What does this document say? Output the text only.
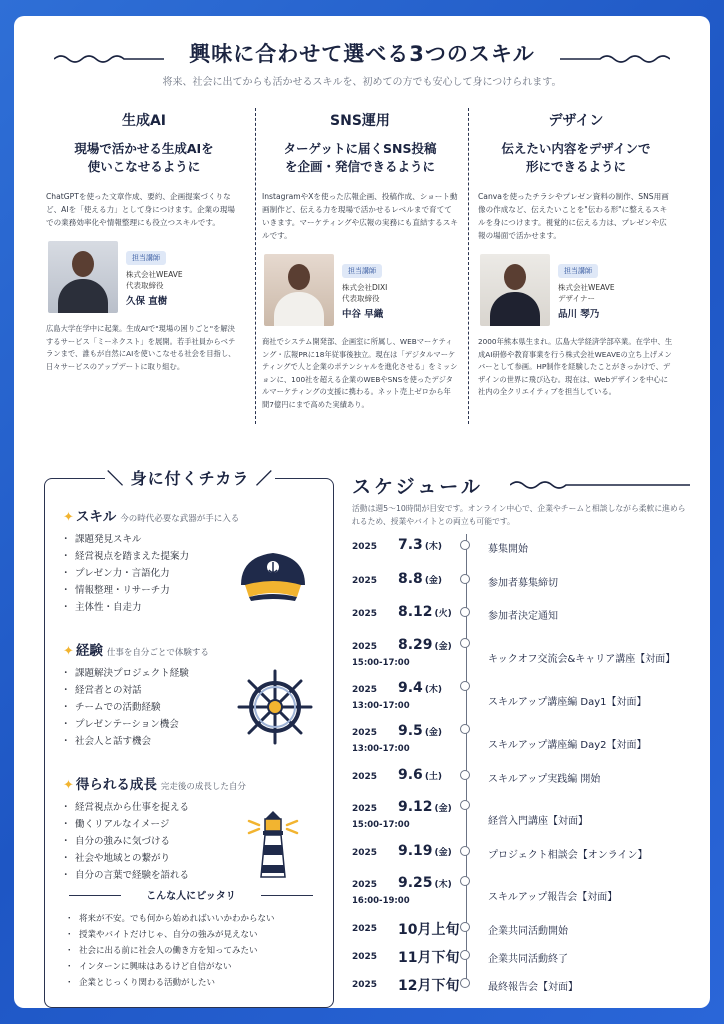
興味に合わせて選べる3つのスキル
将来、社会に出てからも活かせるスキルを、初めての方でも安心して身につけられます。
生成AI
現場で活かせる生成AIを
使いこなせるように
ChatGPTを使った文章作成、要約、企画提案づくりなど、AIを「使える力」として身につけます。企業の現場での業務効率化や情報整理にも役立つスキルです。
担当講師
株式会社WEAVE
代表取締役
久保 直樹
広島大学在学中に起業。生成AIで"現場の困りごと"を解決するサービス「ミーネクスト」を展開。若手社員からベテランまで、誰もが自然にAIを使いこなせる社会を目指し、日々サービスのアップデートに取り組む。
SNS運用
ターゲットに届くSNS投稿
を企画・発信できるように
InstagramやXを使った広報企画、投稿作成、ショート動画制作ど、伝える力を現場で活かせるレベルまで育てていきます。マーケティングや広報の実務にも直結するスキルです。
担当講師
株式会社DIXI
代表取締役
中谷 早織
商社でシステム開発部、企画室に所属し、WEBマーケティング・広報PRに18年従事後独立。現在は「デジタルマーケティングで人と企業のポテンシャルを進化させる」をミッションに、100社を超える企業のWEBやSNSを使ったデジタルマーケティングの支援に携わる。ネット売上ゼロから年間7億円にまで高めた実績あり。
デザイン
伝えたい内容をデザインで
形にできるように
Canvaを使ったチラシやプレゼン資料の制作、SNS用画像の作成など、伝えたいことを"伝わる形"に整えるスキルを身につけます。視覚的に伝える力は、プレゼンや広報の場面で活かせます。
担当講師
株式会社WEAVE
デザイナー
品川 琴乃
2000年熊本県生まれ。広島大学経済学部卒業。在学中、生成AI研修や教育事業を行う株式会社WEAVEの立ち上げメンバーとして参画。HP制作を経験したことがきっかけで、デザインの世界に飛び込む。現在は、Webデザインを中心に社内の全クリエイティブを担当している。
＼ 身に付くチカラ ／
✦ スキル 今の時代必要な武器が手に入る
・ 課題発見スキル
・ 経営視点を踏まえた提案力
・ プレゼン力・言語化力
・ 情報整理・リサーチ力
・ 主体性・自走力
✦ 経験 仕事を自分ごとで体験する
・ 課題解決プロジェクト経験
・ 経営者との対話
・ チームでの活動経験
・ プレゼンテーション機会
・ 社会人と話す機会
✦ 得られる成長 完走後の成長した自分
・ 経営視点から仕事を捉える
・ 働くリアルなイメージ
・ 自分の強みに気づける
・ 社会や地域との繋がり
・ 自分の言葉で経験を語れる
こんな人にピッタリ
・ 将来が不安。でも何から始めればいいかわからない
・ 授業やバイトだけじゃ、自分の強みが見えない
・ 社会に出る前に社会人の働き方を知ってみたい
・ インターンに興味はあるけど自信がない
・ 企業とじっくり関わる活動がしたい
スケジュール
活動は週5〜10時間が目安です。オンライン中心で、企業やチームと相談しながら柔軟に進められるため、授業やバイトとの両立も可能です。
2025 7.3 (木)	募集開始
2025 8.8 (金)	参加者募集締切
2025 8.12 (火)	参加者決定通知
2025 8.29 (金)
15:00-17:00	キックオフ交流会&キャリア講座【対面】
2025 9.4 (木)
13:00-17:00	スキルアップ講座編 Day1【対面】
2025 9.5 (金)
13:00-17:00	スキルアップ講座編 Day2【対面】
2025 9.6 (土)	スキルアップ実践編 開始
2025 9.12 (金)
15:00-17:00	経営入門講座【対面】
2025 9.19 (金)	プロジェクト相談会【オンライン】
2025 9.25 (木)
16:00-19:00	スキルアップ報告会【対面】
2025 10月上旬	企業共同活動開始
2025 11月下旬	企業共同活動終了
2025 12月下旬	最終報告会【対面】
